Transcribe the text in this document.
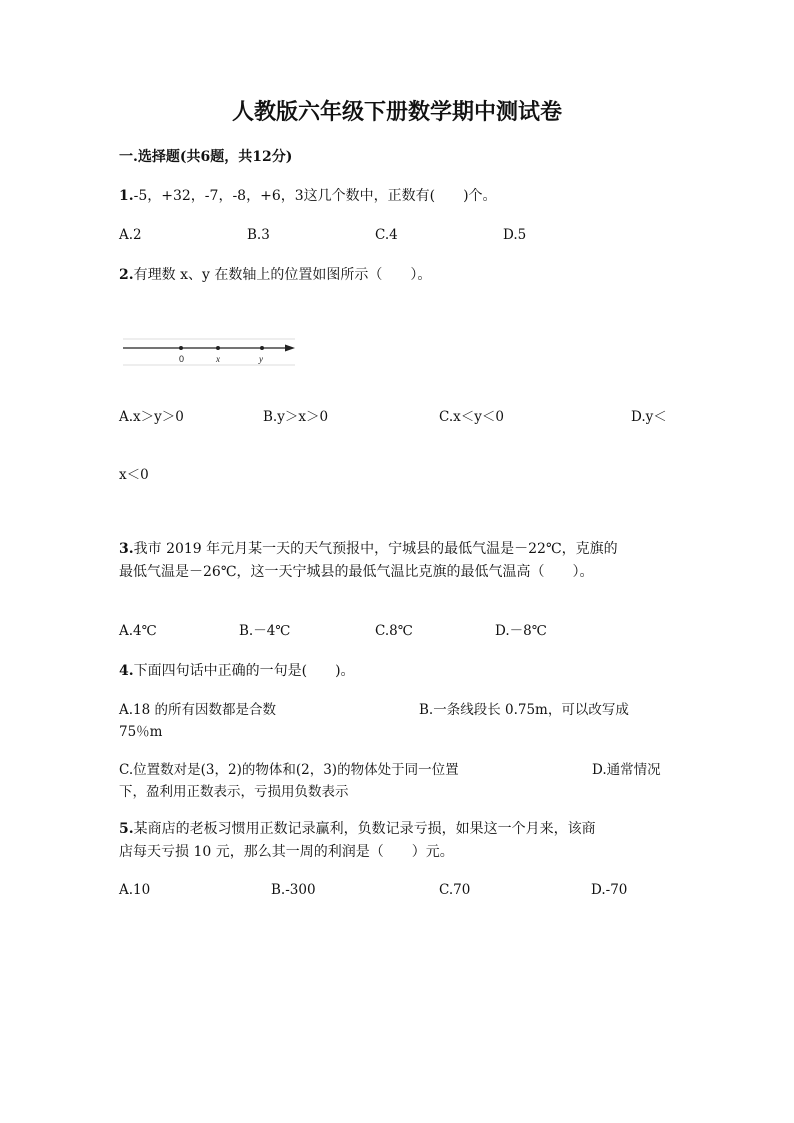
人教版六年级下册数学期中测试卷
一.选择题(共6题，共12分)
1.-5，+32，-7，-8，+6，3这几个数中，正数有(　　)个。
A.2	B.3	C.4	D.5
2.有理数 x、y 在数轴上的位置如图所示（　　）。
0	x	y
A.x＞y＞0	B.y＞x＞0	C.x＜y＜0	D.y＜
x＜0
3.我市 2019 年元月某一天的天气预报中，宁城县的最低气温是－22℃，克旗的
最低气温是－26℃，这一天宁城县的最低气温比克旗的最低气温高（　　）。
A.4℃	B.－4℃	C.8℃	D.－8℃
4.下面四句话中正确的一句是(　　)。
A.18 的所有因数都是合数	B.一条线段长 0.75m，可以改写成
75％m
C.位置数对是(3，2)的物体和(2，3)的物体处于同一位置	D.通常情况
下，盈利用正数表示，亏损用负数表示
5.某商店的老板习惯用正数记录赢利，负数记录亏损，如果这一个月来，该商
店每天亏损 10 元，那么其一周的利润是（　　）元。
A.10	B.-300	C.70	D.-70
